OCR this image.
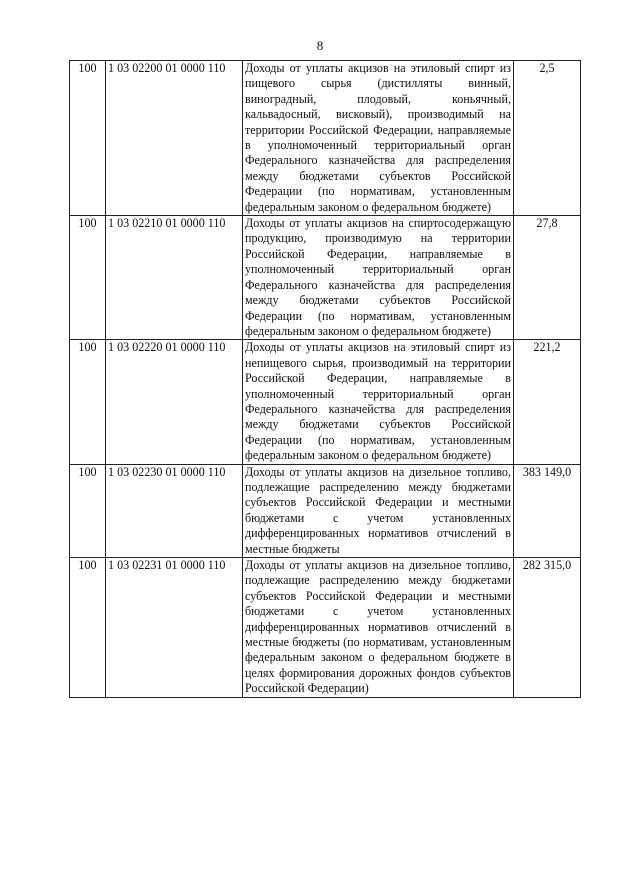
8
100	1 03 02200 01 0000 110	Доходы от уплаты акцизов на этиловый спирт из пищевого сырья (дистилляты винный, виноградный, плодовый, коньячный, кальвадосный, висковый), производимый на территории Российской Федерации, направляемые в уполномоченный территориальный орган Федерального казначейства для распределения между бюджетами субъектов Российской Федерации (по нормативам, установленным федеральным законом о федеральном бюджете)	2,5
100	1 03 02210 01 0000 110	Доходы от уплаты акцизов на спиртосодержащую продукцию, производимую на территории Российской Федерации, направляемые в уполномоченный территориальный орган Федерального казначейства для распределения между бюджетами субъектов Российской Федерации (по нормативам, установленным федеральным законом о федеральном бюджете)	27,8
100	1 03 02220 01 0000 110	Доходы от уплаты акцизов на этиловый спирт из непищевого сырья, производимый на территории Российской Федерации, направляемые в уполномоченный территориальный орган Федерального казначейства для распределения между бюджетами субъектов Российской Федерации (по нормативам, установленным федеральным законом о федеральном бюджете)	221,2
100	1 03 02230 01 0000 110	Доходы от уплаты акцизов на дизельное топливо, подлежащие распределению между бюджетами субъектов Российской Федерации и местными бюджетами с учетом установленных дифференцированных нормативов отчислений в местные бюджеты	383 149,0
100	1 03 02231 01 0000 110	Доходы от уплаты акцизов на дизельное топливо, подлежащие распределению между бюджетами субъектов Российской Федерации и местными бюджетами с учетом установленных дифференцированных нормативов отчислений в местные бюджеты (по нормативам, установленным федеральным законом о федеральном бюджете в целях формирования дорожных фондов субъектов Российской Федерации)	282 315,0
